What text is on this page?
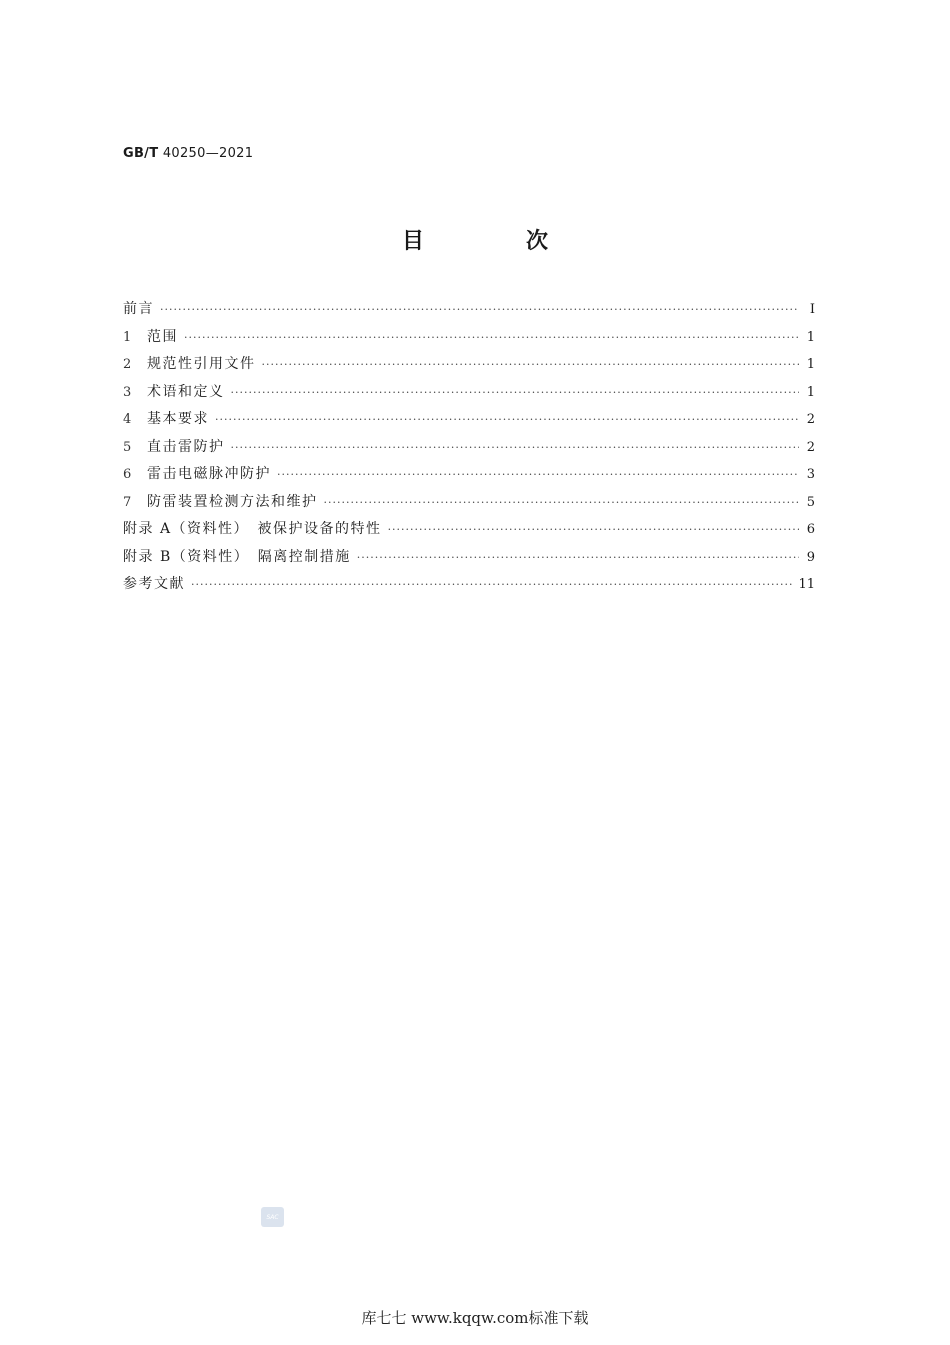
GB/T 40250—2021
目　次
前言 ·····	Ⅰ
1	范围 ·····	1
2	规范性引用文件 ·····	1
3	术语和定义 ·····	1
4	基本要求 ·····	2
5	直击雷防护 ·····	2
6	雷击电磁脉冲防护 ·····	3
7	防雷装置检测方法和维护 ·····	5
附录 A（资料性）　被保护设备的特性 ·····	6
附录 B（资料性）　隔离控制措施 ·····	9
参考文献 ·····	11
SAC
库七七 www.kqqw.com标准下载
